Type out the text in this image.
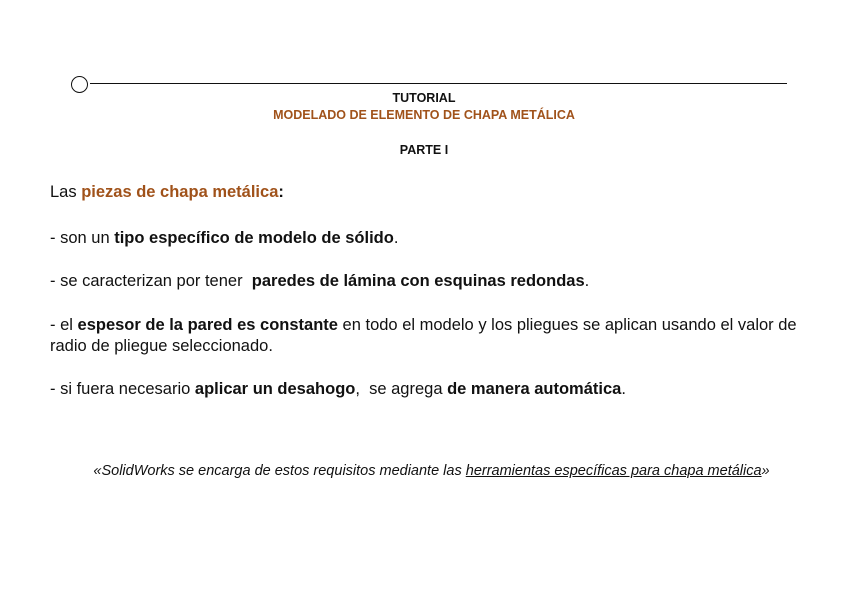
TUTORIAL
MODELADO DE ELEMENTO DE CHAPA METÁLICA
PARTE I
Las piezas de chapa metálica:
- son un tipo específico de modelo de sólido.
- se caracterizan por tener  paredes de lámina con esquinas redondas.
- el espesor de la pared es constante en todo el modelo y los pliegues se aplican usando el valor de radio de pliegue seleccionado.
- si fuera necesario aplicar un desahogo,  se agrega de manera automática.
«SolidWorks se encarga de estos requisitos mediante las herramientas específicas para chapa metálica»
